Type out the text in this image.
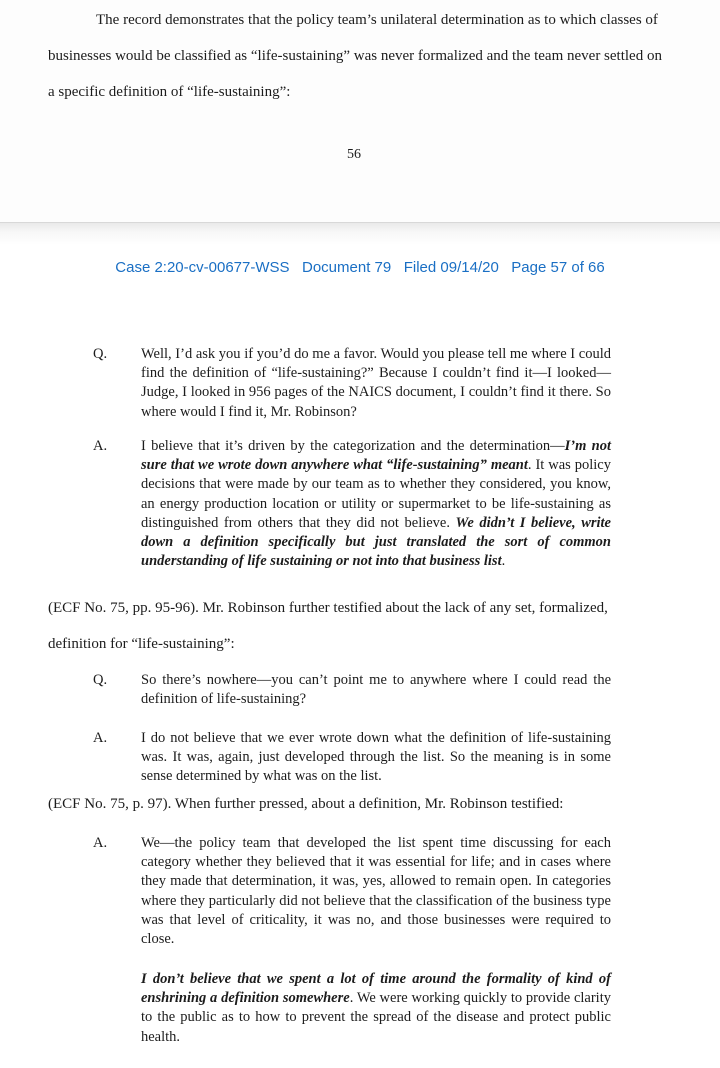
The record demonstrates that the policy team’s unilateral determination as to which classes of businesses would be classified as “life-sustaining” was never formalized and the team never settled on a specific definition of “life-sustaining”:

56
Case 2:20-cv-00677-WSS   Document 79   Filed 09/14/20   Page 57 of 66
Q.	Well, I’d ask you if you’d do me a favor. Would you please tell me where I could find the definition of “life-sustaining?” Because I couldn’t find it—I looked—Judge, I looked in 956 pages of the NAICS document, I couldn’t find it there. So where would I find it, Mr. Robinson?

A.	I believe that it’s driven by the categorization and the determination—I’m not sure that we wrote down anywhere what “life-sustaining” meant. It was policy decisions that were made by our team as to whether they considered, you know, an energy production location or utility or supermarket to be life-sustaining as distinguished from others that they did not believe. We didn’t I believe, write down a definition specifically but just translated the sort of common understanding of life sustaining or not into that business list.

(ECF No. 75, pp. 95-96). Mr. Robinson further testified about the lack of any set, formalized, definition for “life-sustaining”:

Q.	So there’s nowhere—you can’t point me to anywhere where I could read the definition of life-sustaining?

A.	I do not believe that we ever wrote down what the definition of life-sustaining was. It was, again, just developed through the list. So the meaning is in some sense determined by what was on the list.

(ECF No. 75, p. 97). When further pressed, about a definition, Mr. Robinson testified:

A.	We—the policy team that developed the list spent time discussing for each category whether they believed that it was essential for life; and in cases where they made that determination, it was, yes, allowed to remain open. In categories where they particularly did not believe that the classification of the business type was that level of criticality, it was no, and those businesses were required to close.

I don’t believe that we spent a lot of time around the formality of kind of enshrining a definition somewhere. We were working quickly to provide clarity to the public as to how to prevent the spread of the disease and protect public health.
